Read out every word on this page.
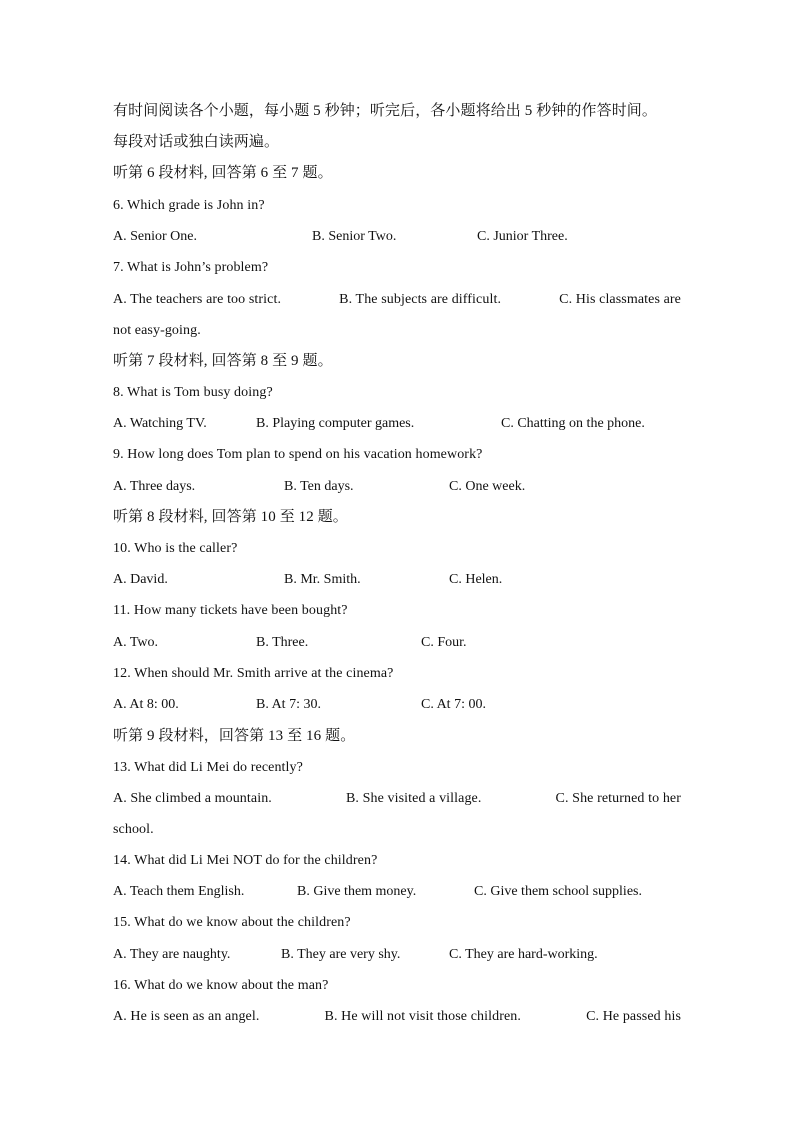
有时间阅读各个小题，每小题 5 秒钟；听完后，各小题将给出 5 秒钟的作答时间。
每段对话或独白读两遍。
听第 6 段材料, 回答第 6 至 7 题。
6. Which grade is John in?
A. Senior One.	B. Senior Two.	C. Junior Three.
7. What is John’s problem?
A. The teachers are too strict.	B. The subjects are difficult.	C. His classmates are
not easy-going.
听第 7 段材料, 回答第 8 至 9 题。
8. What is Tom busy doing?
A. Watching TV.	B. Playing computer games.	C. Chatting on the phone.
9. How long does Tom plan to spend on his vacation homework?
A. Three days.	B. Ten days.	C. One week.
听第 8 段材料, 回答第 10 至 12 题。
10. Who is the caller?
A. David.	B. Mr. Smith.	C. Helen.
11. How many tickets have been bought?
A. Two.	B. Three.	C. Four.
12. When should Mr. Smith arrive at the cinema?
A. At 8: 00.	B. At 7: 30.	C. At 7: 00.
听第 9 段材料，回答第 13 至 16 题。
13. What did Li Mei do recently?
A. She climbed a mountain.	B. She visited a village.	C. She returned to her
school.
14. What did Li Mei NOT do for the children?
A. Teach them English.	B. Give them money.	C. Give them school supplies.
15. What do we know about the children?
A. They are naughty.	B. They are very shy.	C. They are hard-working.
16. What do we know about the man?
A. He is seen as an angel.	B. He will not visit those children.	C. He passed his
